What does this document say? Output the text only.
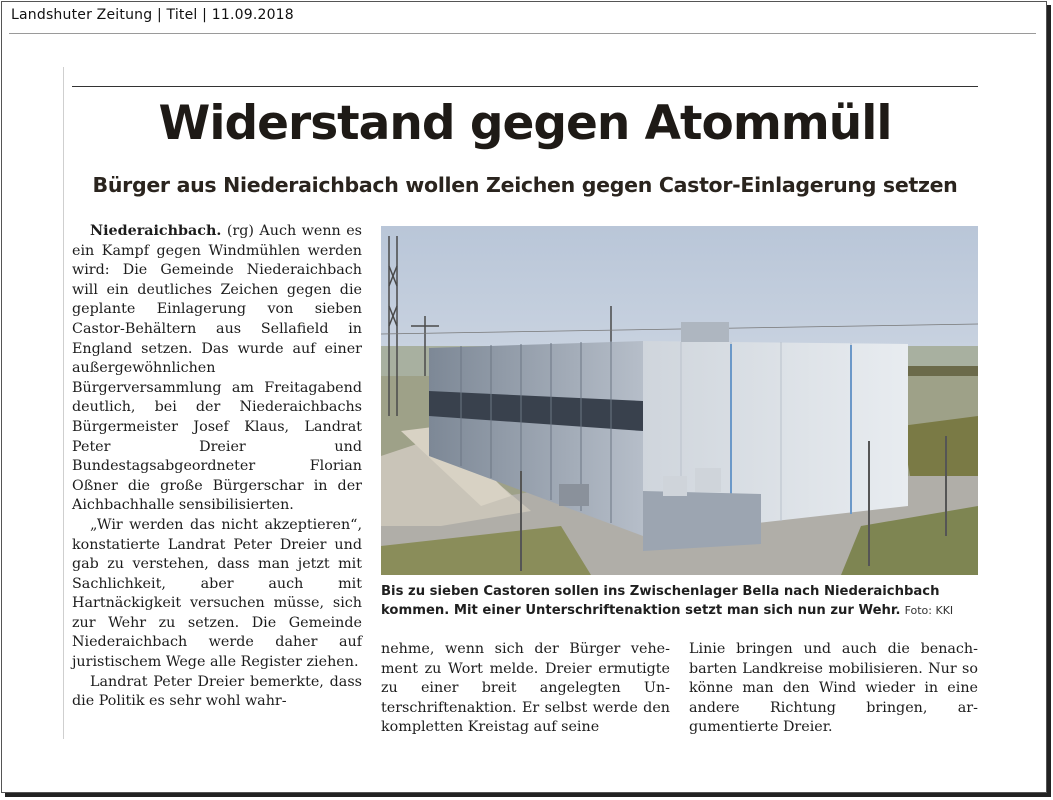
Landshuter Zeitung | Titel | 11.09.2018
Widerstand gegen Atommüll
Bürger aus Niederaichbach wollen Zeichen gegen Castor-Einlagerung setzen

Niederaichbach. (rg) Auch wenn es ein Kampf gegen Windmühlen werden wird: Die Gemeinde Niederaichbach will ein deutliches Zeichen gegen die geplante Einlagerung von sieben Castor-Behältern aus Sellafield in England setzen. Das wurde auf einer außergewöhnlichen Bürgerversammlung am Freitagabend deutlich, bei der Niederaichbachs Bürgermeister Josef Klaus, Landrat Peter Dreier und Bundestagsabgeordneter Florian Oßner die große Bürgerschar in der Aichbachhalle sensibilisierten.

„Wir werden das nicht akzeptieren“, konstatierte Landrat Peter Dreier und gab zu verstehen, dass man jetzt mit Sachlichkeit, aber auch mit Hartnäckigkeit versuchen müsse, sich zur Wehr zu setzen. Die Gemeinde Niederaichbach werde daher auf juristischem Wege alle Register ziehen.

Landrat Peter Dreier bemerkte, dass die Politik es sehr wohl wahr-

Bis zu sieben Castoren sollen ins Zwischenlager Bella nach Niederaichbach kommen. Mit einer Unterschriftenaktion setzt man sich nun zur Wehr. Foto: KKI

nehme, wenn sich der Bürger vehement zu Wort melde. Dreier ermutigte zu einer breit angelegten Unterschriftenaktion. Er selbst werde den kompletten Kreistag auf seine

Linie bringen und auch die benachbarten Landkreise mobilisieren. Nur so könne man den Wind wieder in eine andere Richtung bringen, argumentierte Dreier.
